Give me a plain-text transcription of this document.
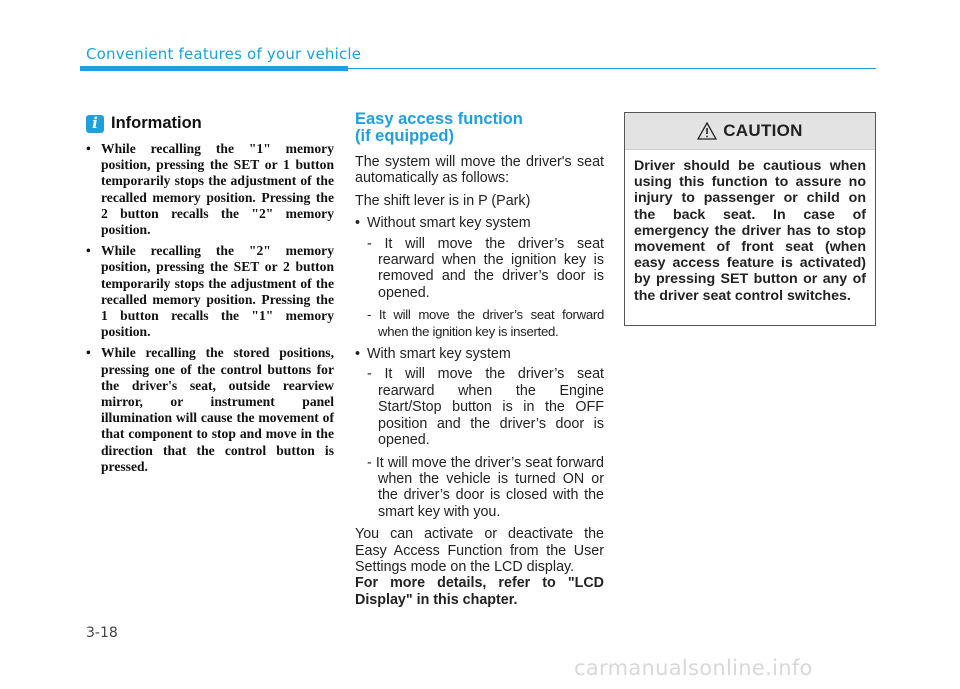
Convenient features of your vehicle
i Information
• While recalling the "1" memory position, pressing the SET or 1 button temporarily stops the adjustment of the recalled memory position. Pressing the 2 button recalls the "2" memory position.
• While recalling the "2" memory position, pressing the SET or 2 button temporarily stops the adjustment of the recalled memory position. Pressing the 1 button recalls the "1" memory position.
• While recalling the stored positions, pressing one of the control buttons for the driver's seat, outside rearview mirror, or instrument panel illumination will cause the movement of that component to stop and move in the direction that the control button is pressed.
Easy access function
(if equipped)

The system will move the driver's seat automatically as follows:

The shift lever is in P (Park)

• Without smart key system
- It will move the driver’s seat rearward when the ignition key is removed and the driver’s door is opened.
- It will move the driver’s seat forward when the ignition key is inserted.
• With smart key system
- It will move the driver’s seat rearward when the Engine Start/Stop button is in the OFF position and the driver’s door is opened.
- It will move the driver’s seat forward when the vehicle is turned ON or the driver’s door is closed with the smart key with you.

You can activate or deactivate the Easy Access Function from the User Settings mode on the LCD display.

For more details, refer to "LCD Display" in this chapter.

CAUTION
Driver should be cautious when using this function to assure no injury to passenger or child on the back seat. In case of emergency the driver has to stop movement of front seat (when easy access feature is activated) by pressing SET button or any of the driver seat control switches.
3-18
carmanualsonline.info
